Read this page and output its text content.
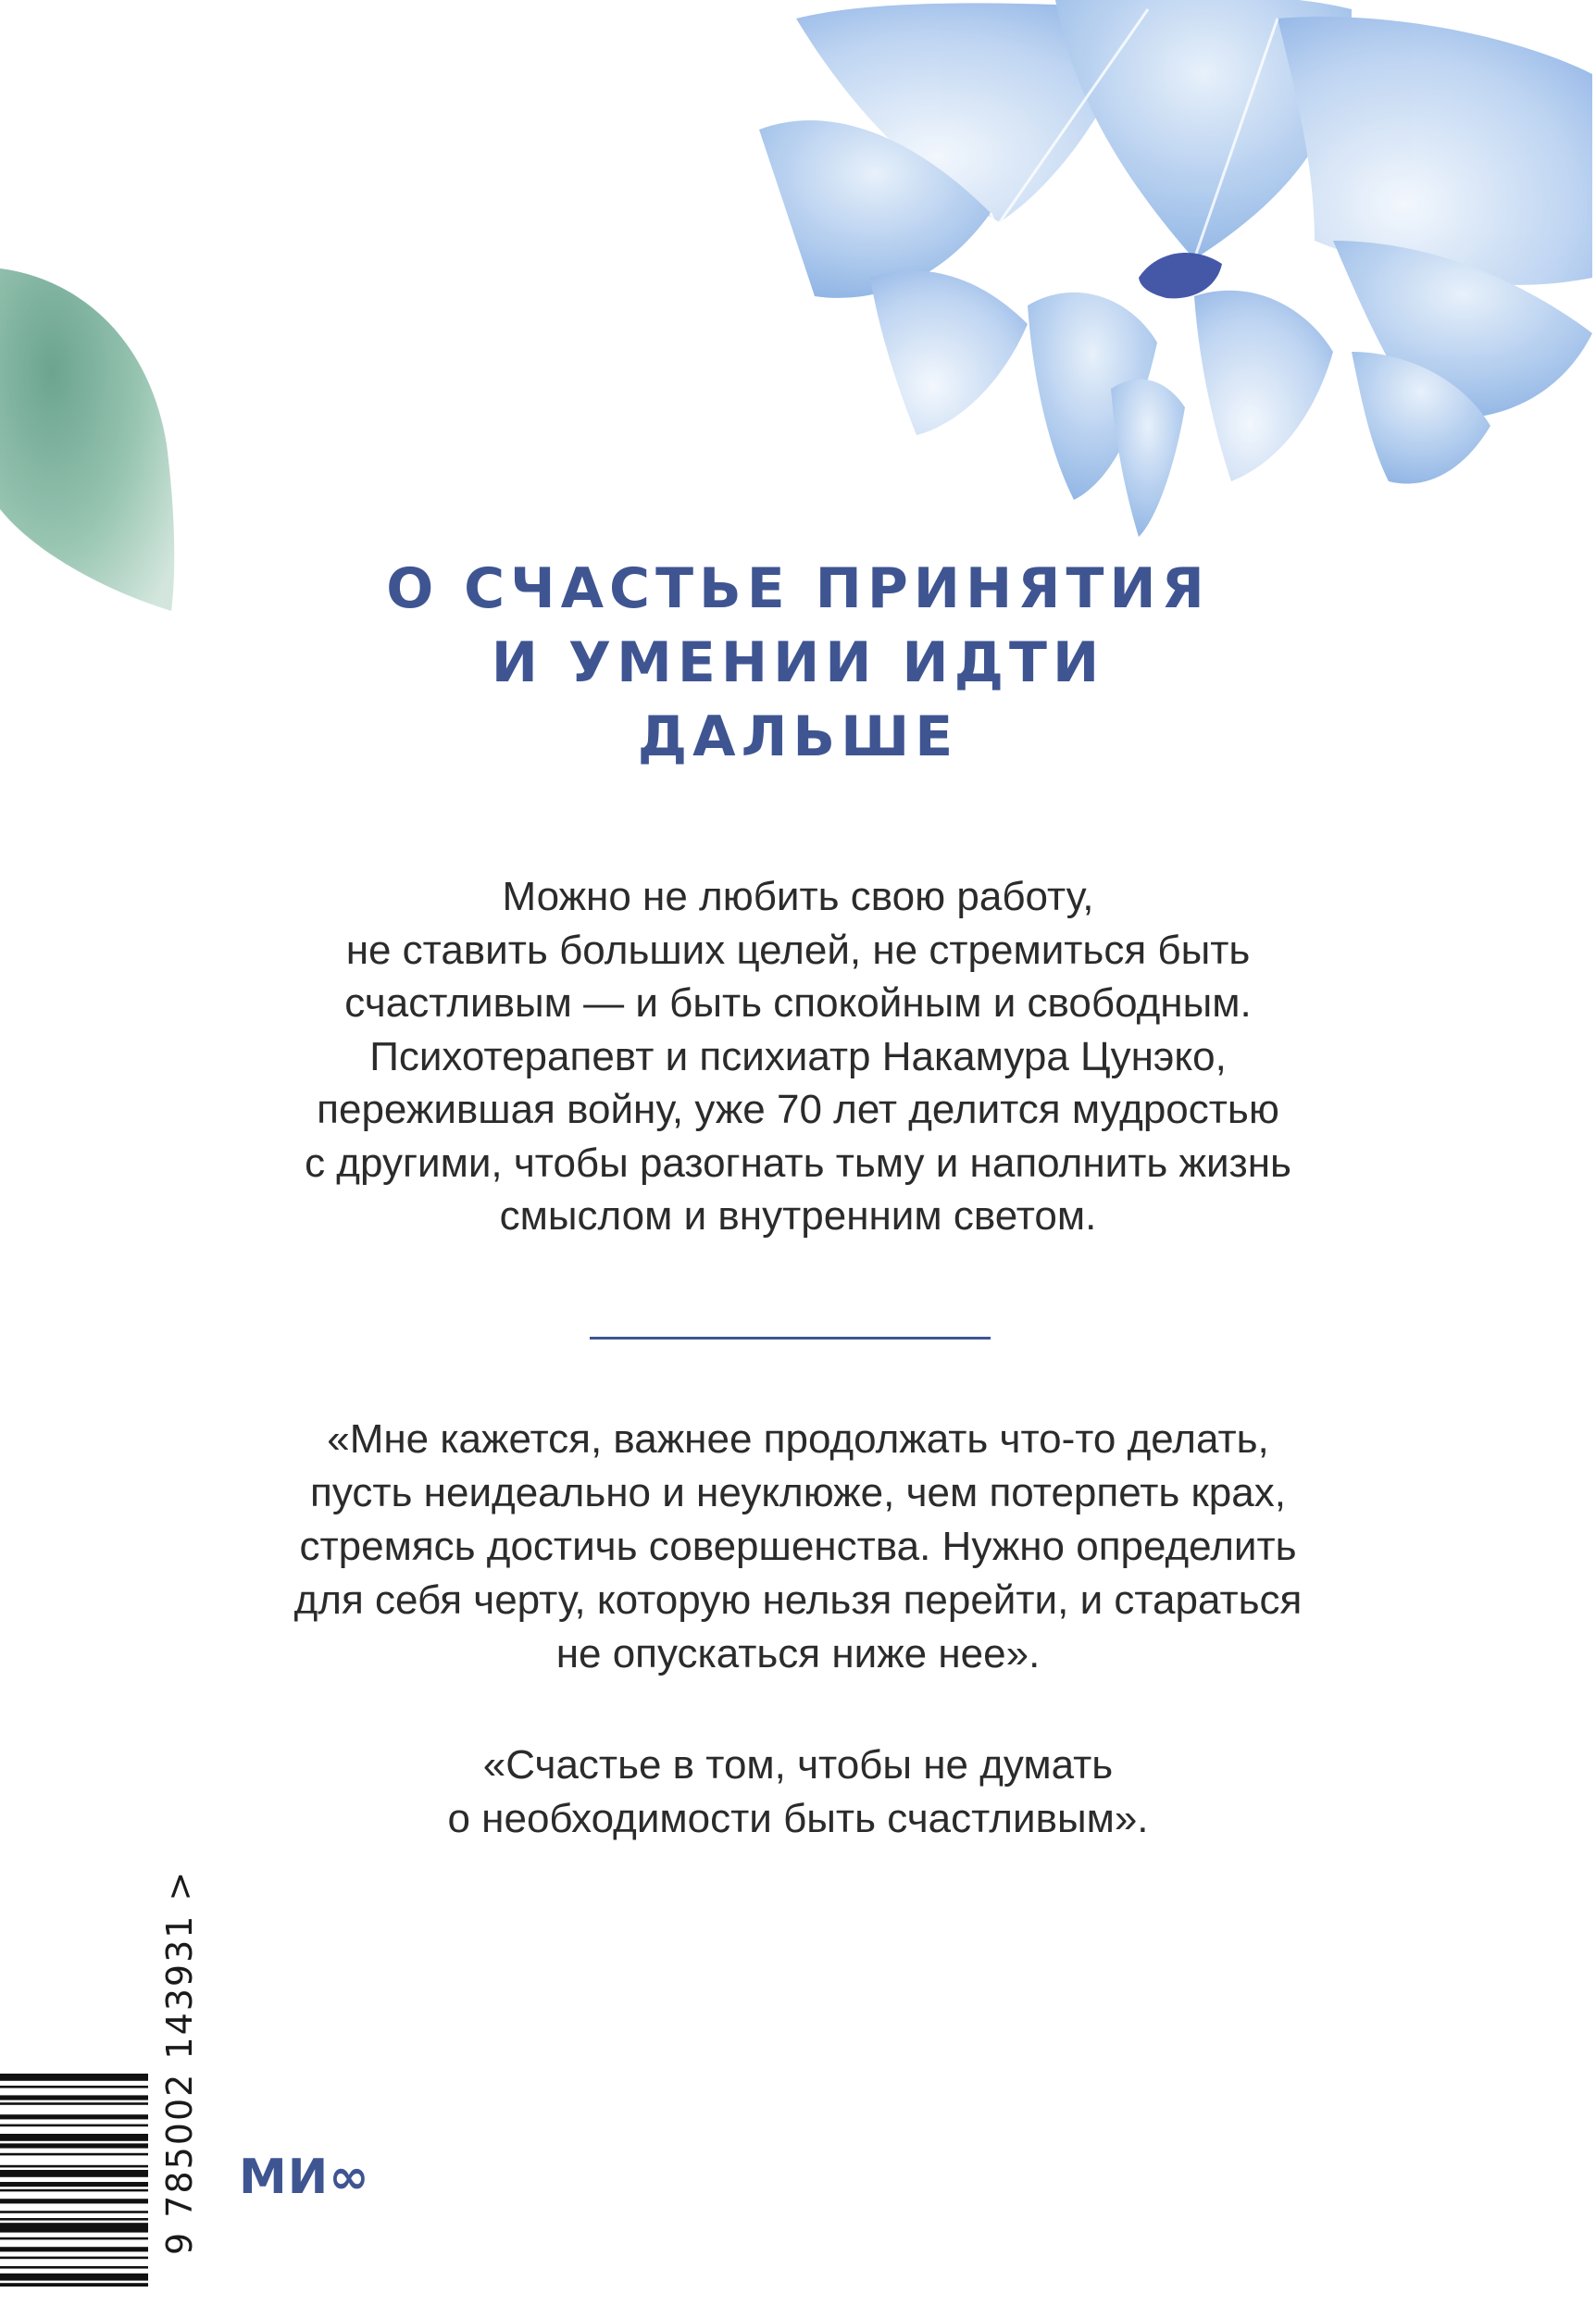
О СЧАСТЬЕ ПРИНЯТИЯ
И УМЕНИИ ИДТИ
ДАЛЬШЕ
Можно не любить свою работу,
не ставить больших целей, не стремиться быть
счастливым — и быть спокойным и свободным.
Психотерапевт и психиатр Накамура Цунэко,
пережившая войну, уже 70 лет делится мудростью
с другими, чтобы разогнать тьму и наполнить жизнь
смыслом и внутренним светом.
«Мне кажется, важнее продолжать что-то делать,
пусть неидеально и неуклюже, чем потерпеть крах,
стремясь достичь совершенства. Нужно определить
для себя черту, которую нельзя перейти, и стараться
не опускаться ниже нее».
«Счастье в том, чтобы не думать
о необходимости быть счастливым».
9 785002 143931 > МИ∞
